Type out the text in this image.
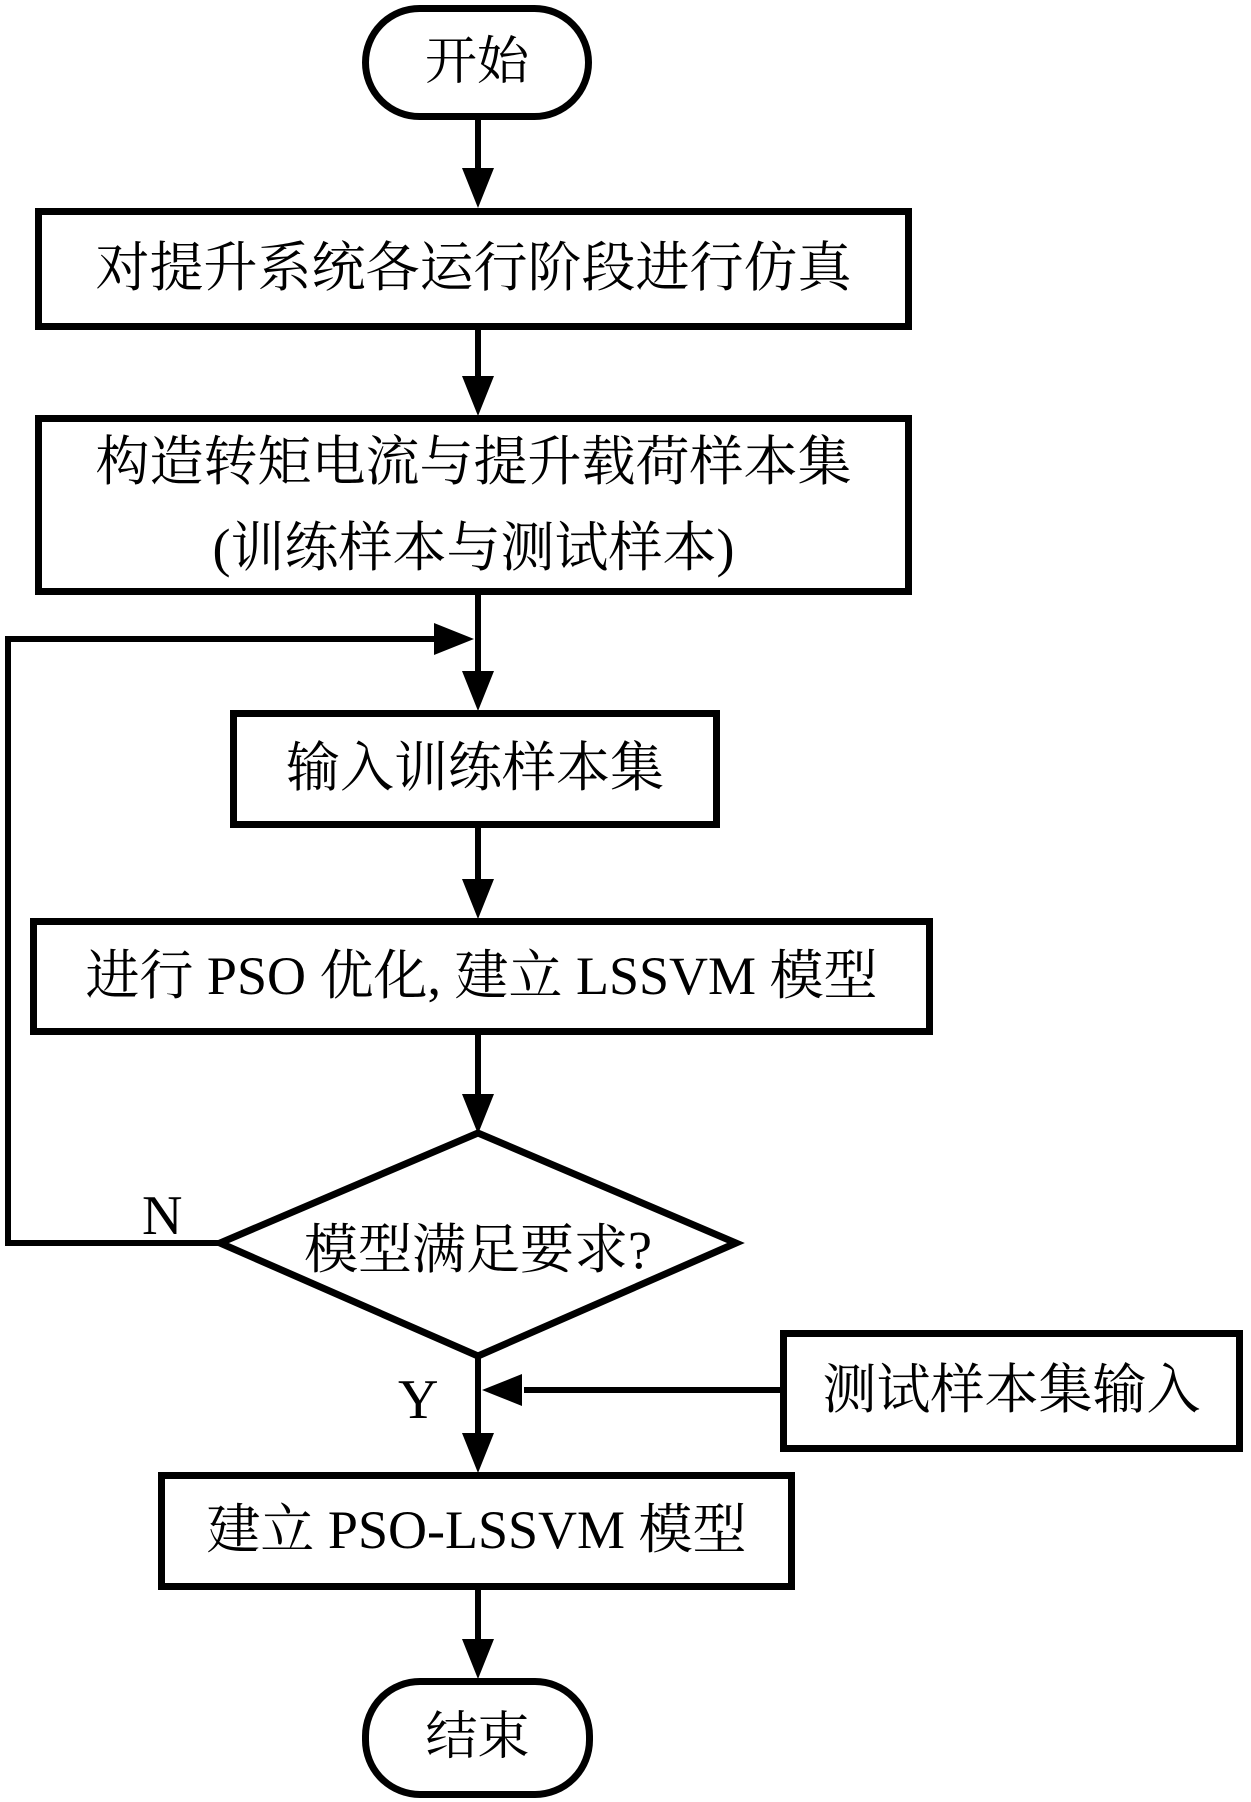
开始
对提升系统各运行阶段进行仿真
构造转矩电流与提升载荷样本集
(训练样本与测试样本)
输入训练样本集
进行 PSO 优化, 建立 LSSVM 模型
模型满足要求?
N
Y	测试样本集输入
建立 PSO-LSSVM 模型
结束
